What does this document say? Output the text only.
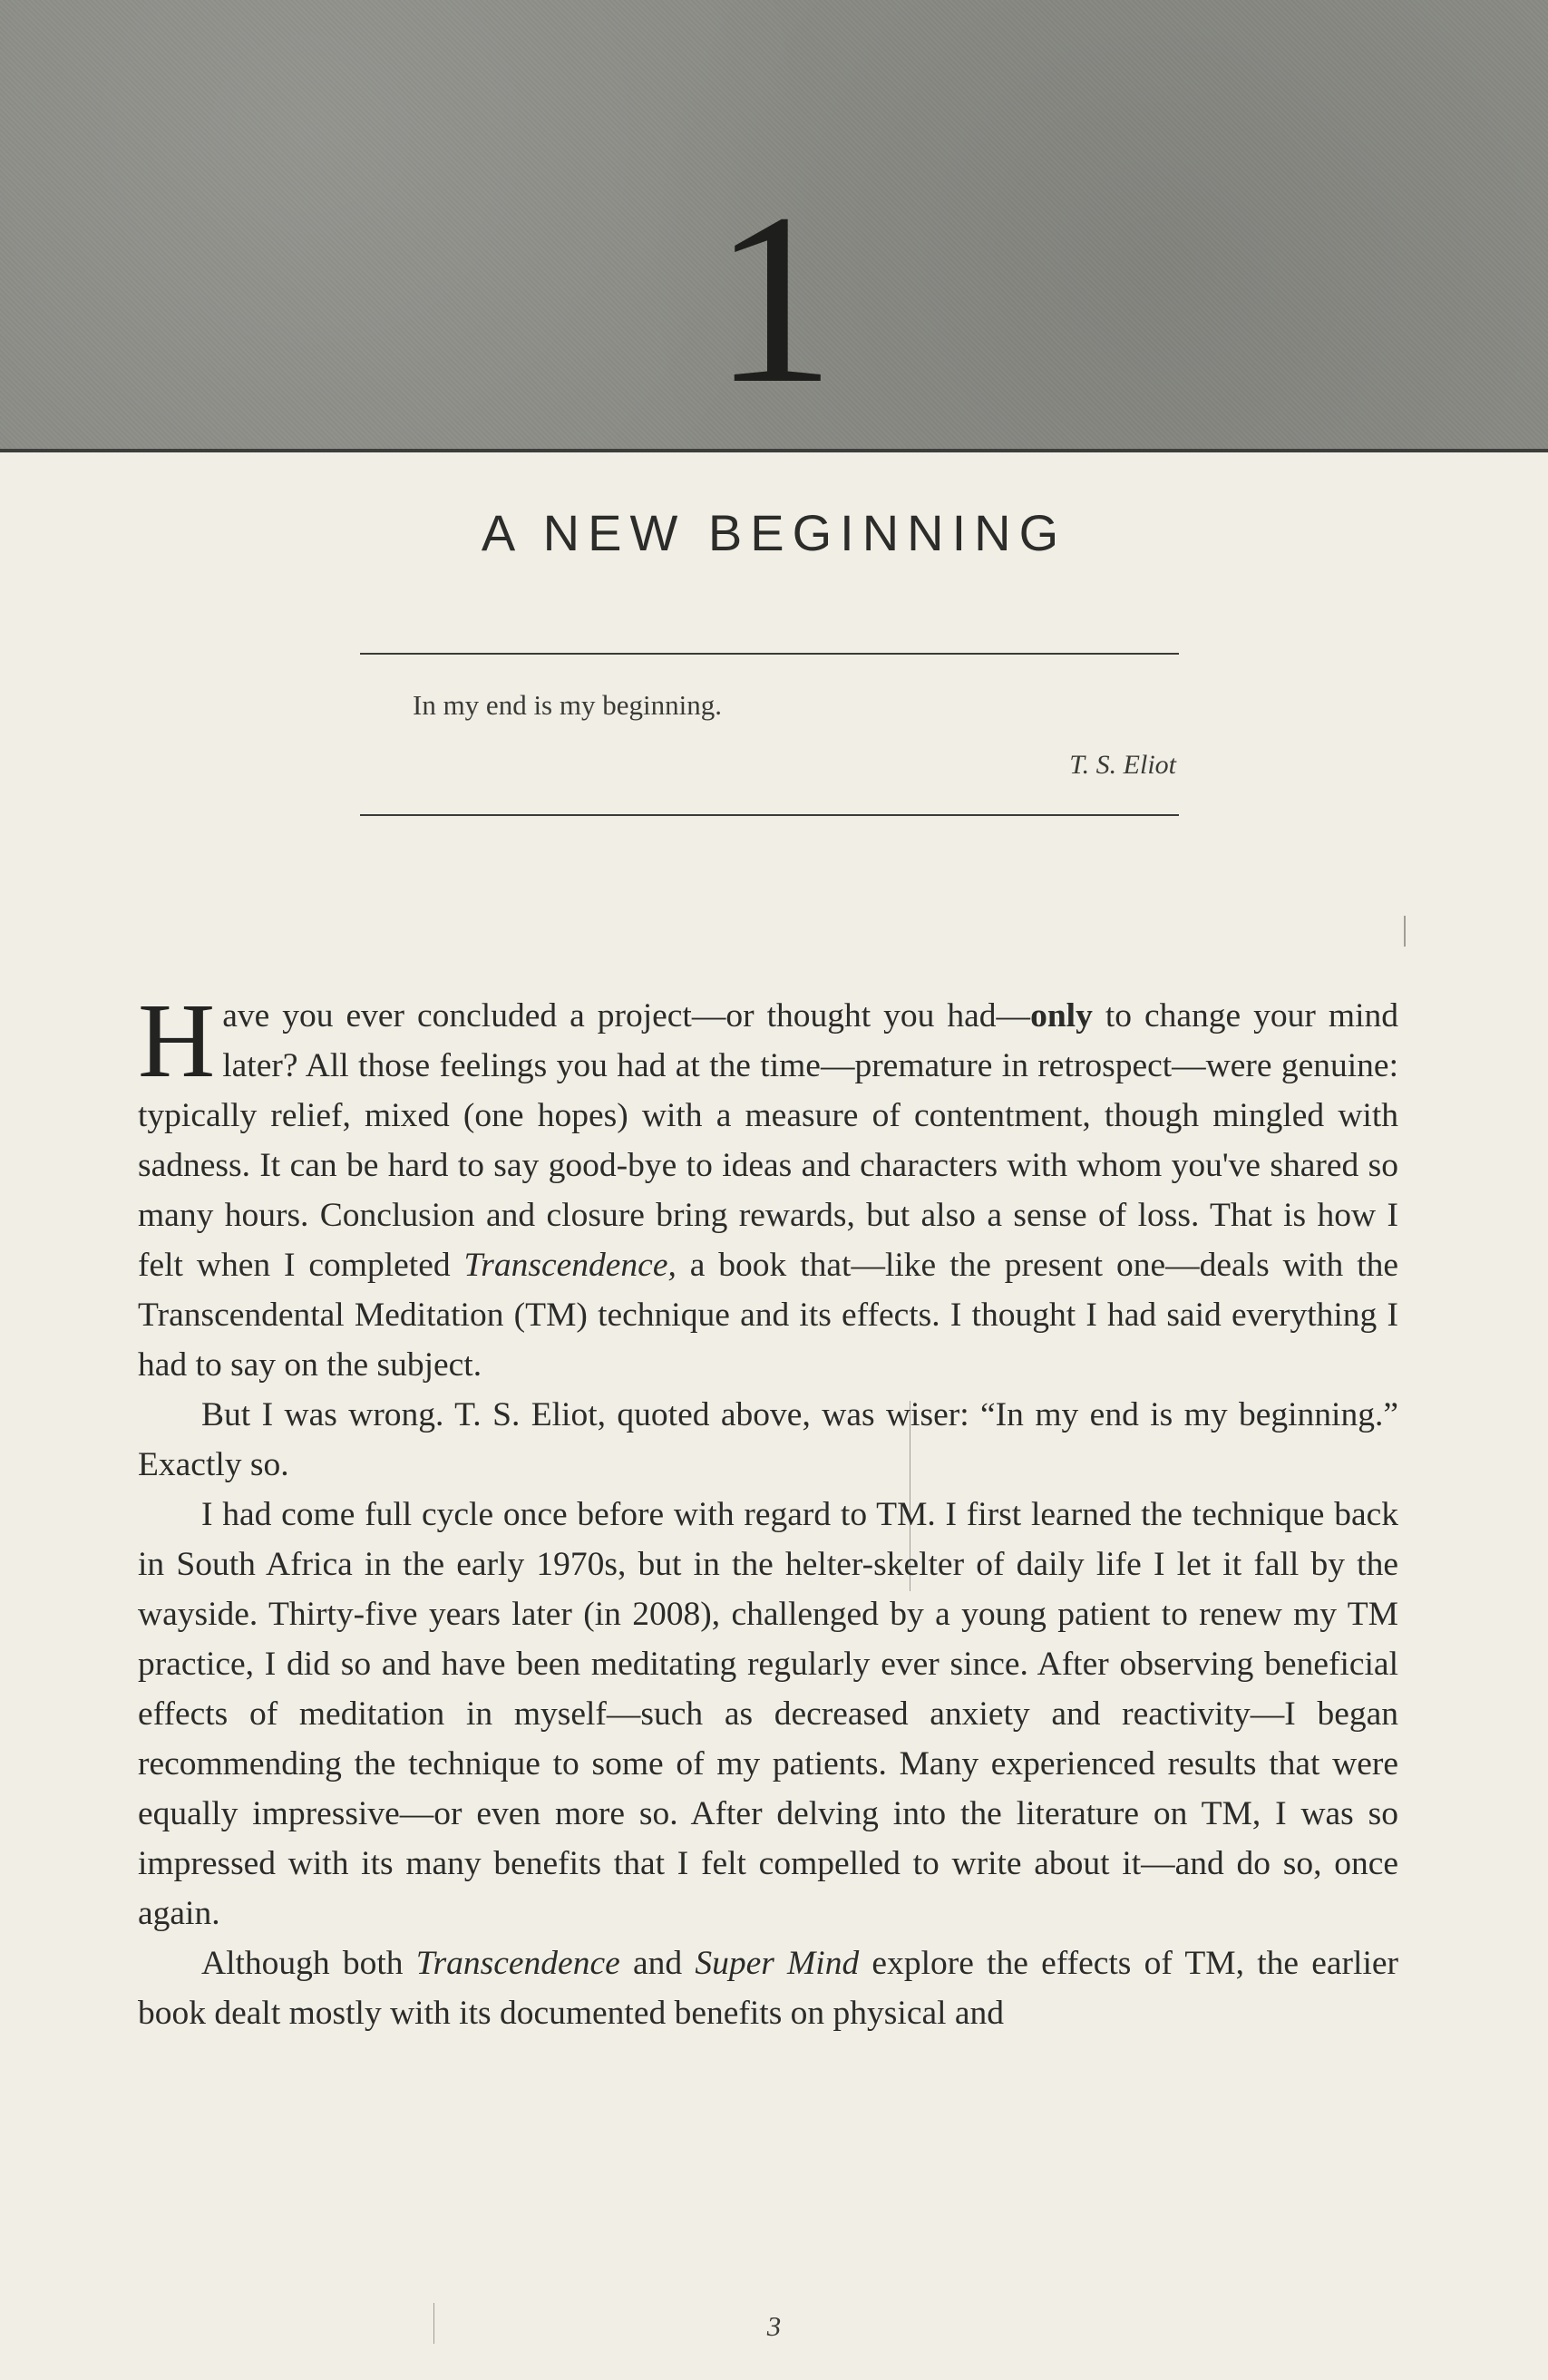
1
A NEW BEGINNING
In my end is my beginning.
T. S. Eliot

Have you ever concluded a project—or thought you had—only to change your mind later? All those feelings you had at the time—premature in retrospect—were genuine: typically relief, mixed (one hopes) with a measure of contentment, though mingled with sadness. It can be hard to say good-bye to ideas and characters with whom you've shared so many hours. Conclusion and closure bring rewards, but also a sense of loss. That is how I felt when I completed Transcendence, a book that—like the present one—deals with the Transcendental Meditation (TM) technique and its effects. I thought I had said everything I had to say on the subject.

But I was wrong. T. S. Eliot, quoted above, was wiser: “In my end is my beginning.” Exactly so.

I had come full cycle once before with regard to TM. I first learned the technique back in South Africa in the early 1970s, but in the helter-skelter of daily life I let it fall by the wayside. Thirty-five years later (in 2008), challenged by a young patient to renew my TM practice, I did so and have been meditating regularly ever since. After observing beneficial effects of meditation in myself—such as decreased anxiety and reactivity—I began recommending the technique to some of my patients. Many experienced results that were equally impressive—or even more so. After delving into the literature on TM, I was so impressed with its many benefits that I felt compelled to write about it—and do so, once again.

Although both Transcendence and Super Mind explore the effects of TM, the earlier book dealt mostly with its documented benefits on physical and

3
